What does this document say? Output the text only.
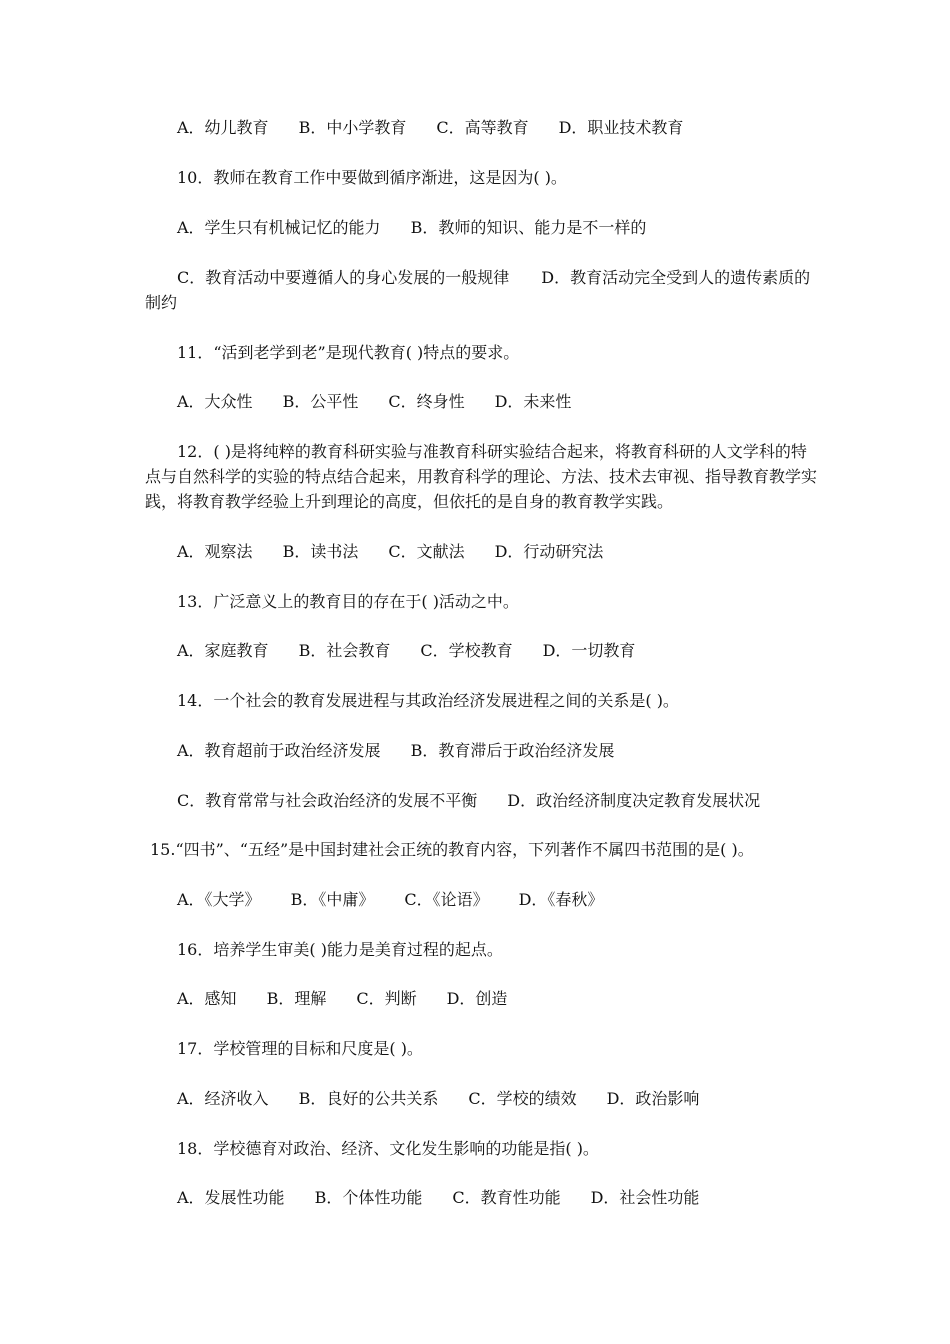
A．幼儿教育 B．中小学教育 C．高等教育 D．职业技术教育
10．教师在教育工作中要做到循序渐进，这是因为( )。
A．学生只有机械记忆的能力 B．教师的知识、能力是不一样的
C．教育活动中要遵循人的身心发展的一般规律　　D．教育活动完全受到人的遗传素质的制约
11．“活到老学到老”是现代教育( )特点的要求。
A．大众性 B．公平性 C．终身性 D．未来性
12．( )是将纯粹的教育科研实验与准教育科研实验结合起来，将教育科研的人文学科的特点与自然科学的实验的特点结合起来，用教育科学的理论、方法、技术去审视、指导教育教学实践，将教育教学经验上升到理论的高度，但依托的是自身的教育教学实践。
A．观察法 B．读书法 C．文献法 D．行动研究法
13．广泛意义上的教育目的存在于( )活动之中。
A．家庭教育 B．社会教育 C．学校教育 D．一切教育
14．一个社会的教育发展进程与其政治经济发展进程之间的关系是( )。
A．教育超前于政治经济发展 B．教育滞后于政治经济发展
C．教育常常与社会政治经济的发展不平衡 D．政治经济制度决定教育发展状况
15.“四书”、“五经”是中国封建社会正统的教育内容，下列著作不属四书范围的是( )。
A．《大学》 B．《中庸》 C．《论语》 D．《春秋》
16．培养学生审美( )能力是美育过程的起点。
A．感知 B．理解 C．判断 D．创造
17．学校管理的目标和尺度是( )。
A．经济收入 B．良好的公共关系 C．学校的绩效 D．政治影响
18．学校德育对政治、经济、文化发生影响的功能是指( )。
A．发展性功能 B．个体性功能 C．教育性功能 D．社会性功能
